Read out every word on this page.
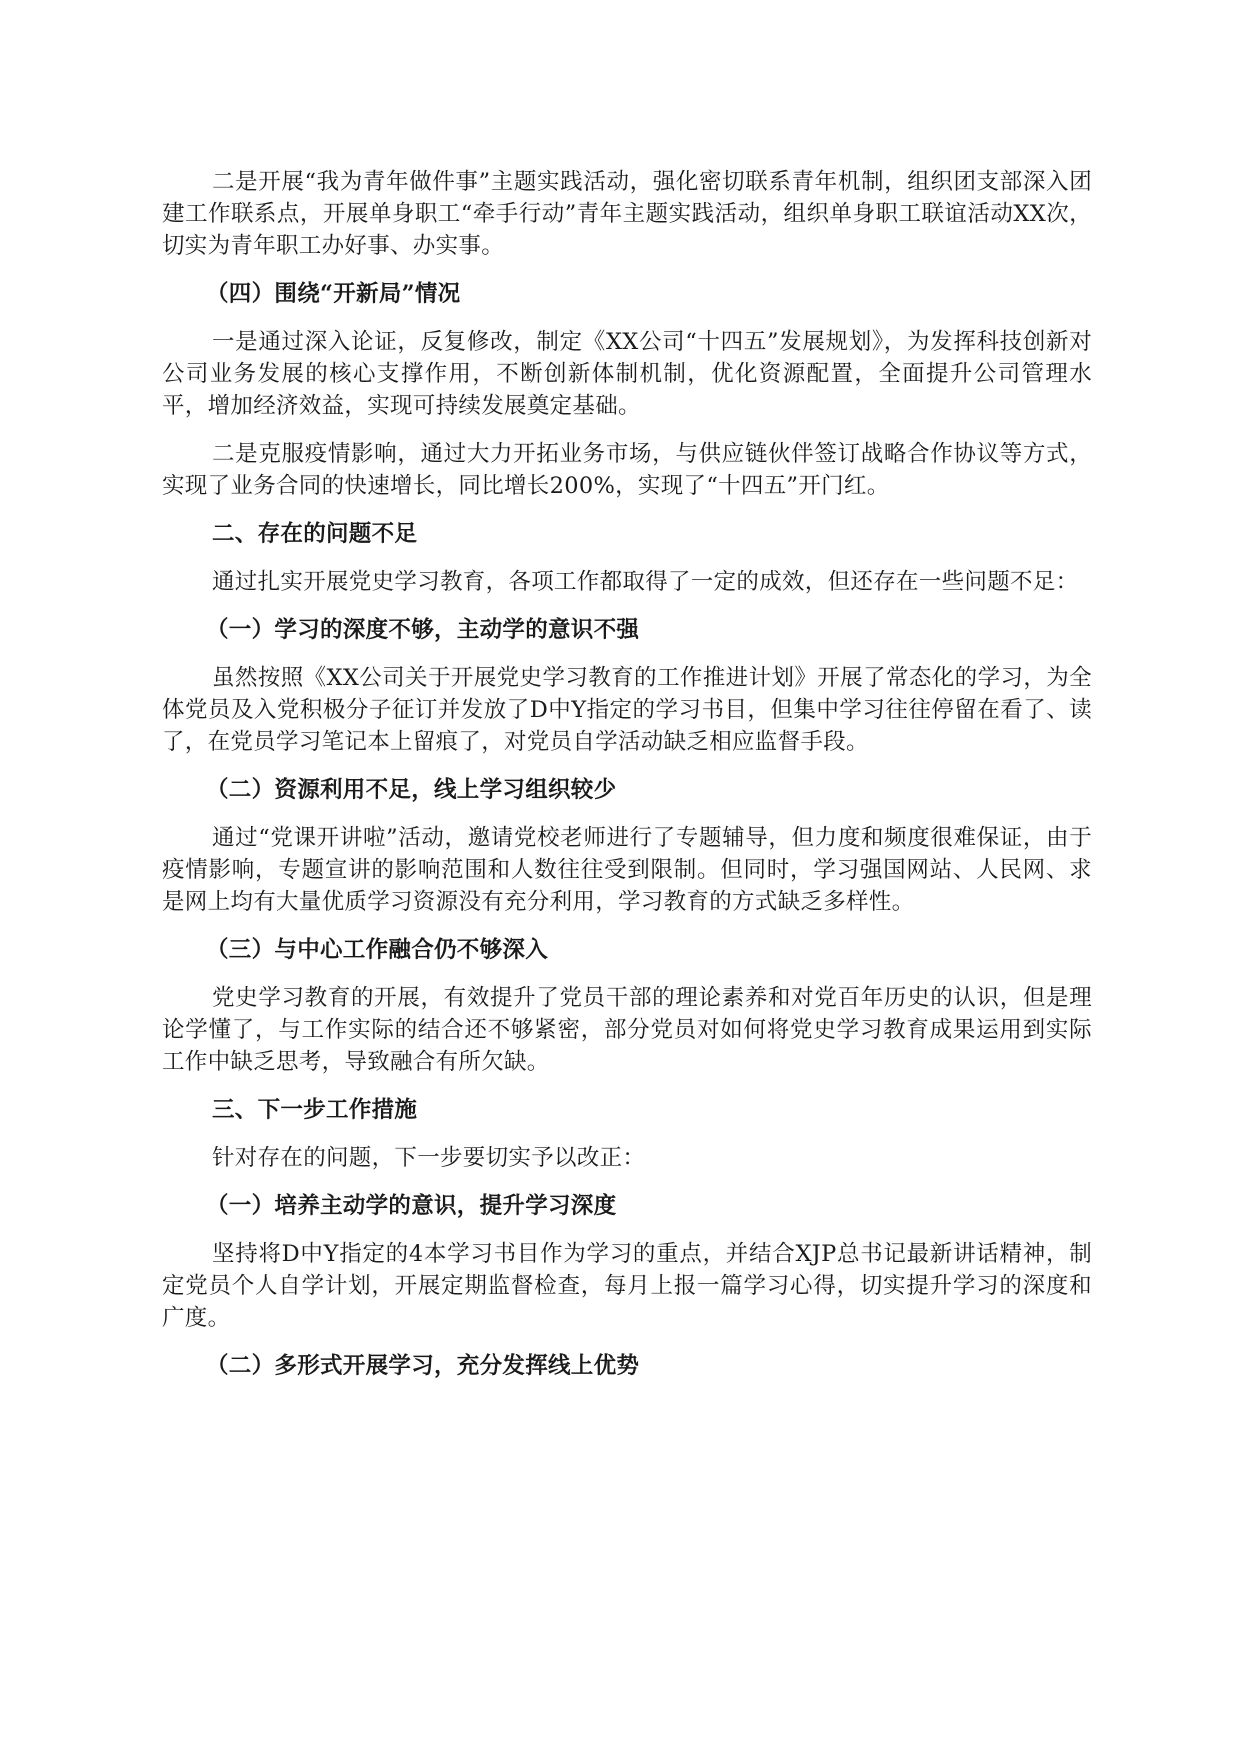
二是开展“我为青年做件事”主题实践活动，强化密切联系青年机制，组织团支部深入团建工作联系点，开展单身职工“牵手行动”青年主题实践活动，组织单身职工联谊活动XX次，切实为青年职工办好事、办实事。

（四）围绕“开新局”情况

一是通过深入论证，反复修改，制定《XX公司“十四五”发展规划》，为发挥科技创新对公司业务发展的核心支撑作用，不断创新体制机制，优化资源配置，全面提升公司管理水平，增加经济效益，实现可持续发展奠定基础。

二是克服疫情影响，通过大力开拓业务市场，与供应链伙伴签订战略合作协议等方式，实现了业务合同的快速增长，同比增长200%，实现了“十四五”开门红。

二、存在的问题不足

通过扎实开展党史学习教育，各项工作都取得了一定的成效，但还存在一些问题不足：

（一）学习的深度不够，主动学的意识不强

虽然按照《XX公司关于开展党史学习教育的工作推进计划》开展了常态化的学习，为全体党员及入党积极分子征订并发放了D中Y指定的学习书目，但集中学习往往停留在看了、读了，在党员学习笔记本上留痕了，对党员自学活动缺乏相应监督手段。

（二）资源利用不足，线上学习组织较少

通过“党课开讲啦”活动，邀请党校老师进行了专题辅导，但力度和频度很难保证，由于疫情影响，专题宣讲的影响范围和人数往往受到限制。但同时，学习强国网站、人民网、求是网上均有大量优质学习资源没有充分利用，学习教育的方式缺乏多样性。

（三）与中心工作融合仍不够深入

党史学习教育的开展，有效提升了党员干部的理论素养和对党百年历史的认识，但是理论学懂了，与工作实际的结合还不够紧密，部分党员对如何将党史学习教育成果运用到实际工作中缺乏思考，导致融合有所欠缺。

三、下一步工作措施

针对存在的问题，下一步要切实予以改正：

（一）培养主动学的意识，提升学习深度

坚持将D中Y指定的4本学习书目作为学习的重点，并结合XJP总书记最新讲话精神，制定党员个人自学计划，开展定期监督检查，每月上报一篇学习心得，切实提升学习的深度和广度。

（二）多形式开展学习，充分发挥线上优势
